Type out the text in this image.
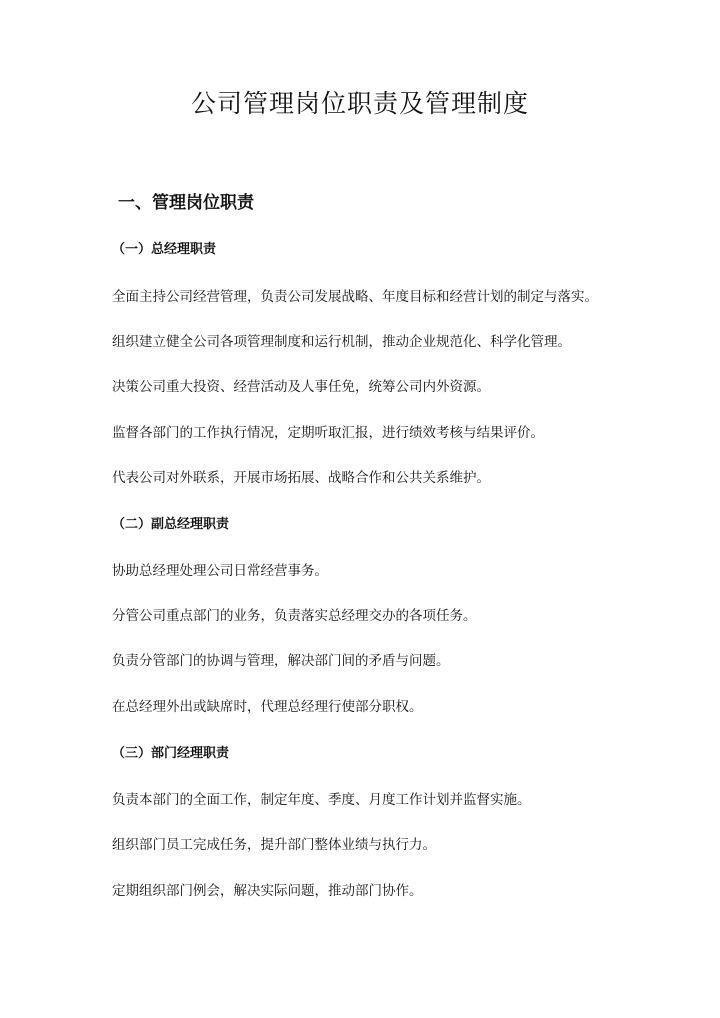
公司管理岗位职责及管理制度
一、管理岗位职责
（一）总经理职责

全面主持公司经营管理，负责公司发展战略、年度目标和经营计划的制定与落实。

组织建立健全公司各项管理制度和运行机制，推动企业规范化、科学化管理。

决策公司重大投资、经营活动及人事任免，统筹公司内外资源。

监督各部门的工作执行情况，定期听取汇报，进行绩效考核与结果评价。

代表公司对外联系，开展市场拓展、战略合作和公共关系维护。

（二）副总经理职责

协助总经理处理公司日常经营事务。

分管公司重点部门的业务，负责落实总经理交办的各项任务。

负责分管部门的协调与管理，解决部门间的矛盾与问题。

在总经理外出或缺席时，代理总经理行使部分职权。

（三）部门经理职责

负责本部门的全面工作，制定年度、季度、月度工作计划并监督实施。

组织部门员工完成任务，提升部门整体业绩与执行力。

定期组织部门例会，解决实际问题，推动部门协作。
